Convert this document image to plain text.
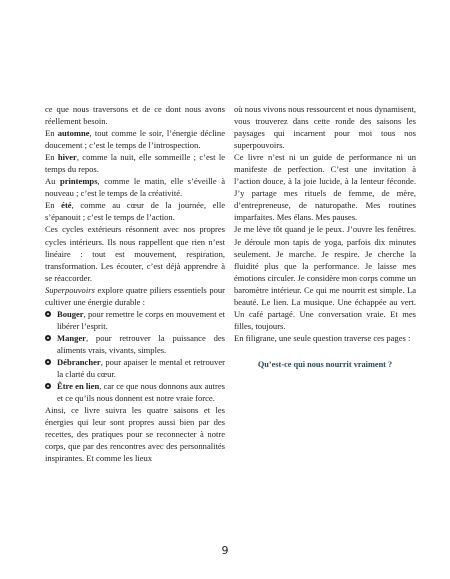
ce que nous traversons et de ce dont nous avons réellement besoin.

En automne, tout comme le soir, l’énergie décline doucement ; c’est le temps de l’introspection.

En hiver, comme la nuit, elle sommeille ; c’est le temps du repos.

Au printemps, comme le matin, elle s’éveille à nouveau ; c’est le temps de la créativité.

En été, comme au cœur de la journée, elle s’épanouit ; c’est le temps de l’action.

Ces cycles extérieurs résonnent avec nos propres cycles intérieurs. Ils nous rappellent que rien n’est linéaire : tout est mouvement, respiration, transformation. Les écouter, c’est déjà apprendre à se réaccorder.

Superpouvoirs explore quatre piliers essentiels pour cultiver une énergie durable :

Bouger, pour remettre le corps en mouvement et libérer l’esprit.

Manger, pour retrouver la puissance des aliments vrais, vivants, simples.

Débrancher, pour apaiser le mental et retrouver la clarté du cœur.

Être en lien, car ce que nous donnons aux autres et ce qu’ils nous donnent est notre vraie force.

Ainsi, ce livre suivra les quatre saisons et les énergies qui leur sont propres aussi bien par des recettes, des pratiques pour se reconnecter à notre corps, que par des rencontres avec des personnalités inspirantes. Et comme les lieux

où nous vivons nous ressourcent et nous dynamisent, vous trouverez dans cette ronde des saisons les paysages qui incarnent pour moi tous nos superpouvoirs.

Ce livre n’est ni un guide de performance ni un manifeste de perfection. C’est une invitation à l’action douce, à la joie lucide, à la lenteur féconde. J’y partage mes rituels de femme, de mère, d’entrepreneuse, de naturopathe. Mes routines imparfaites. Mes élans. Mes pauses.

Je me lève tôt quand je le peux. J’ouvre les fenêtres. Je déroule mon tapis de yoga, parfois dix minutes seulement. Je marche. Je respire. Je cherche la fluidité plus que la performance. Je laisse mes émotions circuler. Je considère mon corps comme un baromètre intérieur. Ce qui me nourrit est simple. La beauté. Le lien. La musique. Une échappée au vert. Un café partagé. Une conversation vraie. Et mes filles, toujours.

En filigrane, une seule question traverse ces pages :

Qu’est-ce qui nous nourrit vraiment ?

9
